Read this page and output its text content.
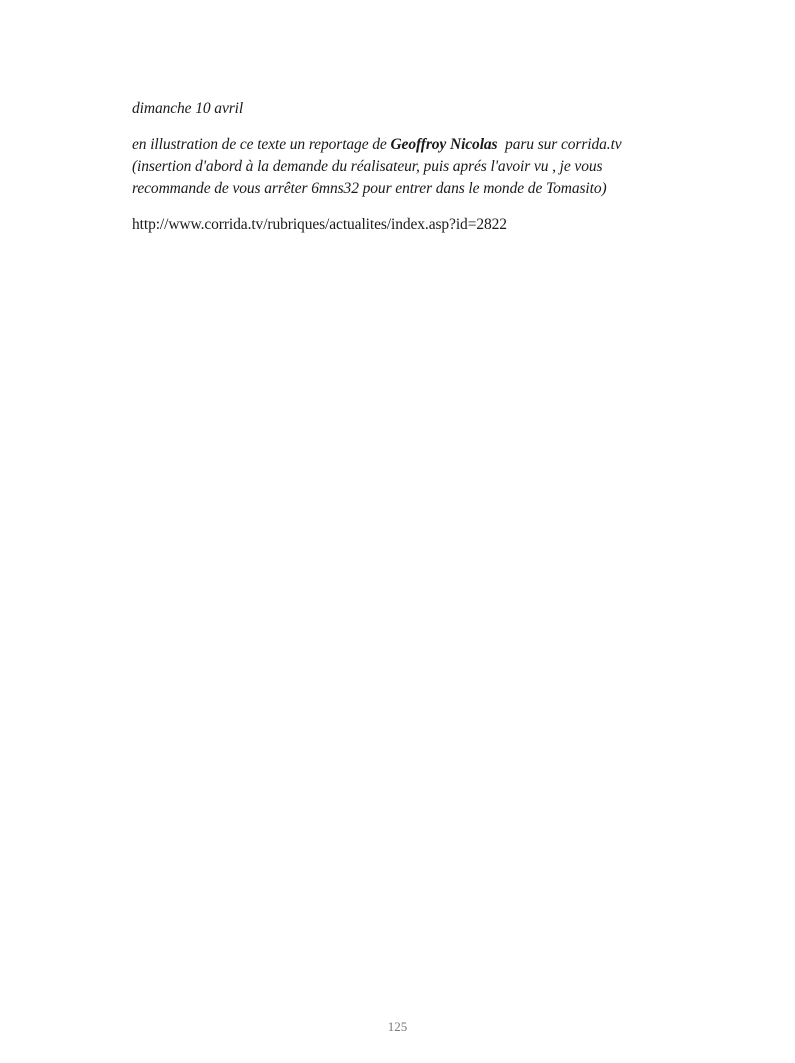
dimanche 10 avril

en illustration de ce texte un reportage de Geoffroy Nicolas  paru sur corrida.tv
(insertion d'abord à la demande du réalisateur, puis aprés l'avoir vu , je vous
recommande de vous arrêter 6mns32 pour entrer dans le monde de Tomasito)

http://www.corrida.tv/rubriques/actualites/index.asp?id=2822

125
